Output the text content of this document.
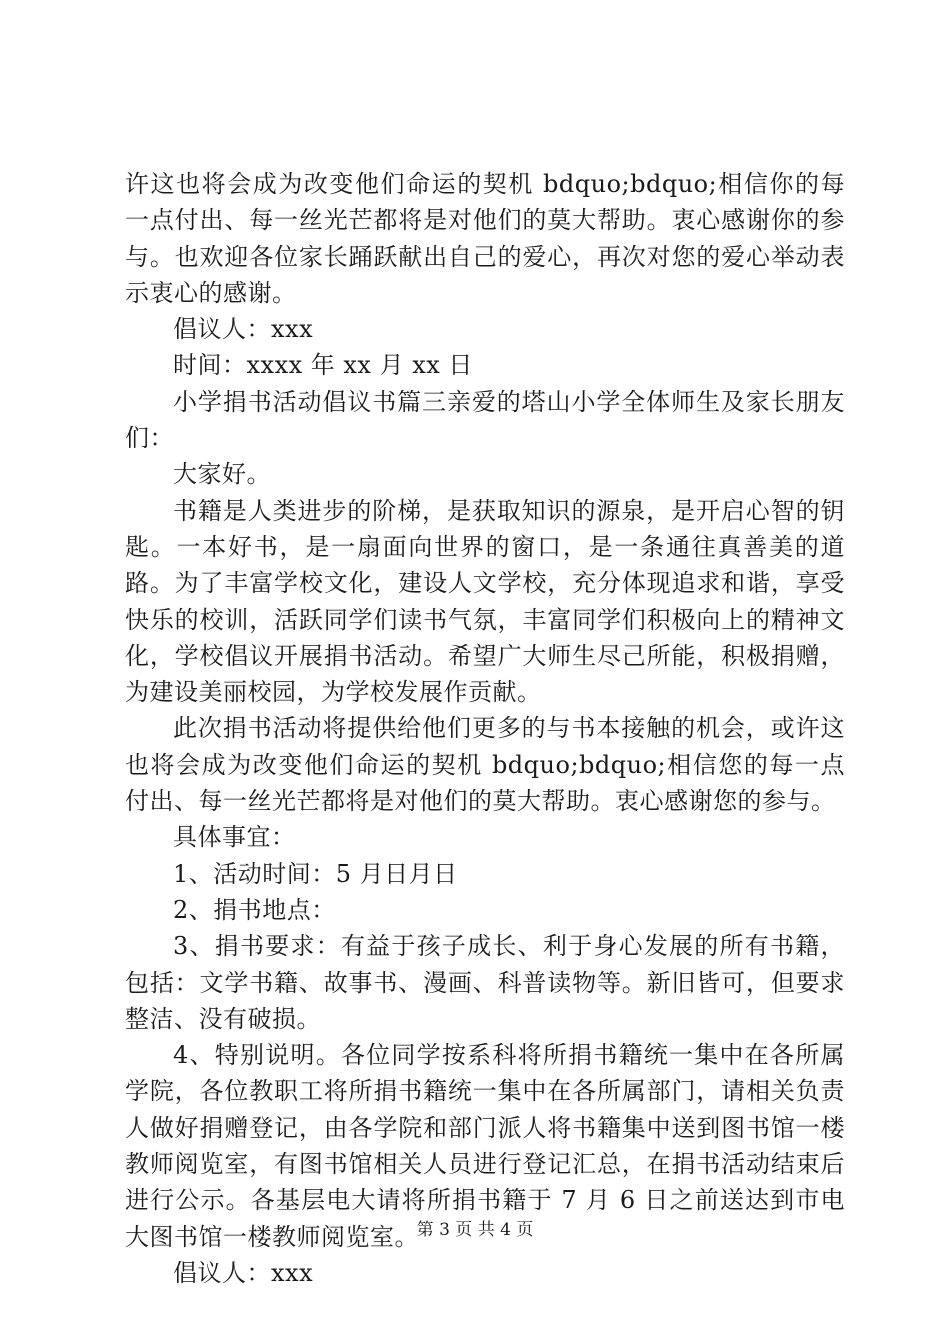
许这也将会成为改变他们命运的契机 bdquo;bdquo;相信你的每一点付出、每一丝光芒都将是对他们的莫大帮助。衷心感谢你的参与。也欢迎各位家长踊跃献出自己的爱心，再次对您的爱心举动表示衷心的感谢。

倡议人：xxx

时间：xxxx 年 xx 月 xx 日

小学捐书活动倡议书篇三亲爱的塔山小学全体师生及家长朋友们：

大家好。

书籍是人类进步的阶梯，是获取知识的源泉，是开启心智的钥匙。一本好书，是一扇面向世界的窗口，是一条通往真善美的道路。为了丰富学校文化，建设人文学校，充分体现追求和谐，享受快乐的校训，活跃同学们读书气氛，丰富同学们积极向上的精神文化，学校倡议开展捐书活动。希望广大师生尽己所能，积极捐赠，为建设美丽校园，为学校发展作贡献。

此次捐书活动将提供给他们更多的与书本接触的机会，或许这也将会成为改变他们命运的契机 bdquo;bdquo;相信您的每一点付出、每一丝光芒都将是对他们的莫大帮助。衷心感谢您的参与。

具体事宜：

1、活动时间：5 月日月日

2、捐书地点：

3、捐书要求：有益于孩子成长、利于身心发展的所有书籍，包括：文学书籍、故事书、漫画、科普读物等。新旧皆可，但要求整洁、没有破损。

4、特别说明。各位同学按系科将所捐书籍统一集中在各所属学院，各位教职工将所捐书籍统一集中在各所属部门，请相关负责人做好捐赠登记，由各学院和部门派人将书籍集中送到图书馆一楼教师阅览室，有图书馆相关人员进行登记汇总，在捐书活动结束后进行公示。各基层电大请将所捐书籍于 7 月 6 日之前送达到市电大图书馆一楼教师阅览室。

倡议人：xxx

第 3 页 共 4 页
